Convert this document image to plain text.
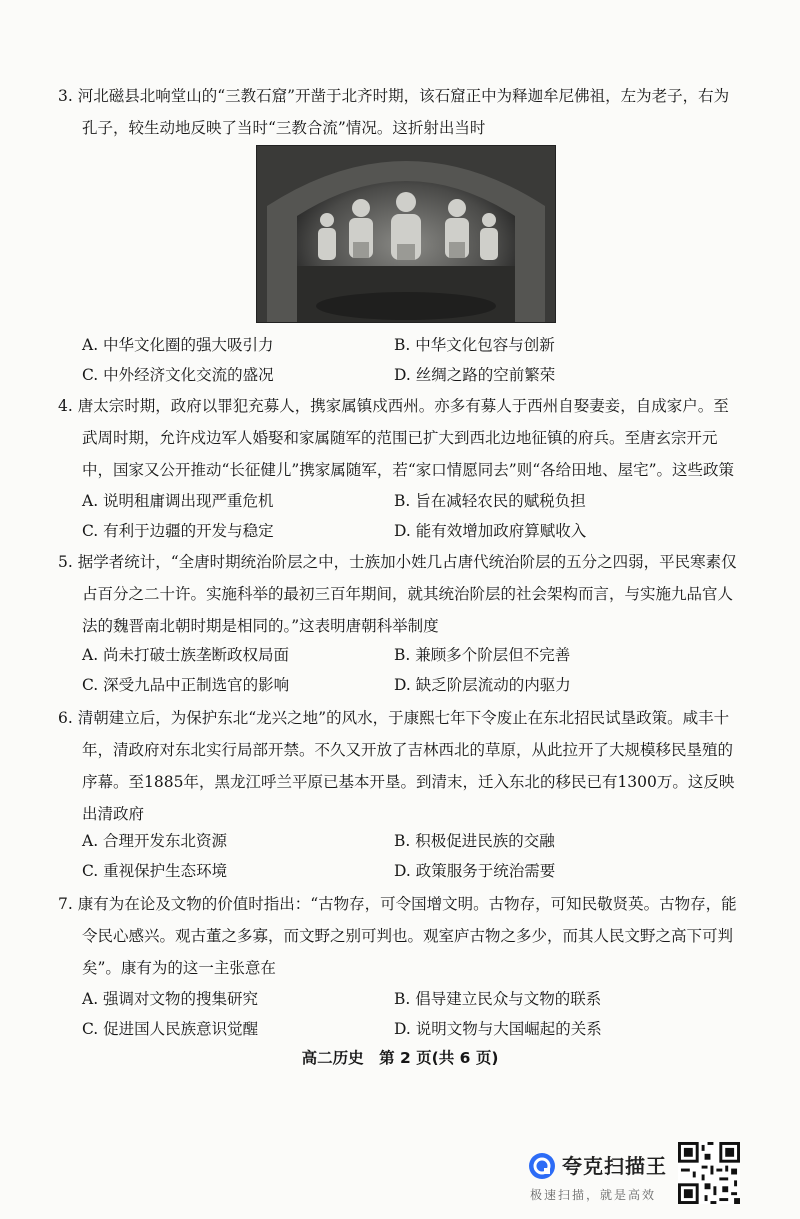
3. 河北磁县北响堂山的“三教石窟”开凿于北齐时期，该石窟正中为释迦牟尼佛祖，左为老子，右为

孔子，较生动地反映了当时“三教合流”情况。这折射出当时

A. 中华文化圈的强大吸引力	B. 中华文化包容与创新
C. 中外经济文化交流的盛况	D. 丝绸之路的空前繁荣

4. 唐太宗时期，政府以罪犯充募人，携家属镇戍西州。亦多有募人于西州自娶妻妾，自成家户。至

武周时期，允许戍边军人婚娶和家属随军的范围已扩大到西北边地征镇的府兵。至唐玄宗开元

中，国家又公开推动“长征健儿”携家属随军，若“家口情愿同去”则“各给田地、屋宅”。这些政策

A. 说明租庸调出现严重危机	B. 旨在减轻农民的赋税负担
C. 有利于边疆的开发与稳定	D. 能有效增加政府算赋收入

5. 据学者统计，“全唐时期统治阶层之中，士族加小姓几占唐代统治阶层的五分之四弱，平民寒素仅

占百分之二十许。实施科举的最初三百年期间，就其统治阶层的社会架构而言，与实施九品官人

法的魏晋南北朝时期是相同的。”这表明唐朝科举制度

A. 尚未打破士族垄断政权局面	B. 兼顾多个阶层但不完善
C. 深受九品中正制选官的影响	D. 缺乏阶层流动的内驱力

6. 清朝建立后，为保护东北“龙兴之地”的风水，于康熙七年下令废止在东北招民试垦政策。咸丰十

年，清政府对东北实行局部开禁。不久又开放了吉林西北的草原，从此拉开了大规模移民垦殖的

序幕。至1885年，黑龙江呼兰平原已基本开垦。到清末，迁入东北的移民已有1300万。这反映

出清政府

A. 合理开发东北资源	B. 积极促进民族的交融
C. 重视保护生态环境	D. 政策服务于统治需要

7. 康有为在论及文物的价值时指出：“古物存，可令国增文明。古物存，可知民敬贤英。古物存，能

令民心感兴。观古董之多寡，而文野之别可判也。观室庐古物之多少，而其人民文野之高下可判

矣”。康有为的这一主张意在

A. 强调对文物的搜集研究	B. 倡导建立民众与文物的联系
C. 促进国人民族意识觉醒	D. 说明文物与大国崛起的关系
高二历史　第 2 页(共 6 页)
夸克扫描王
极速扫描，就是高效
